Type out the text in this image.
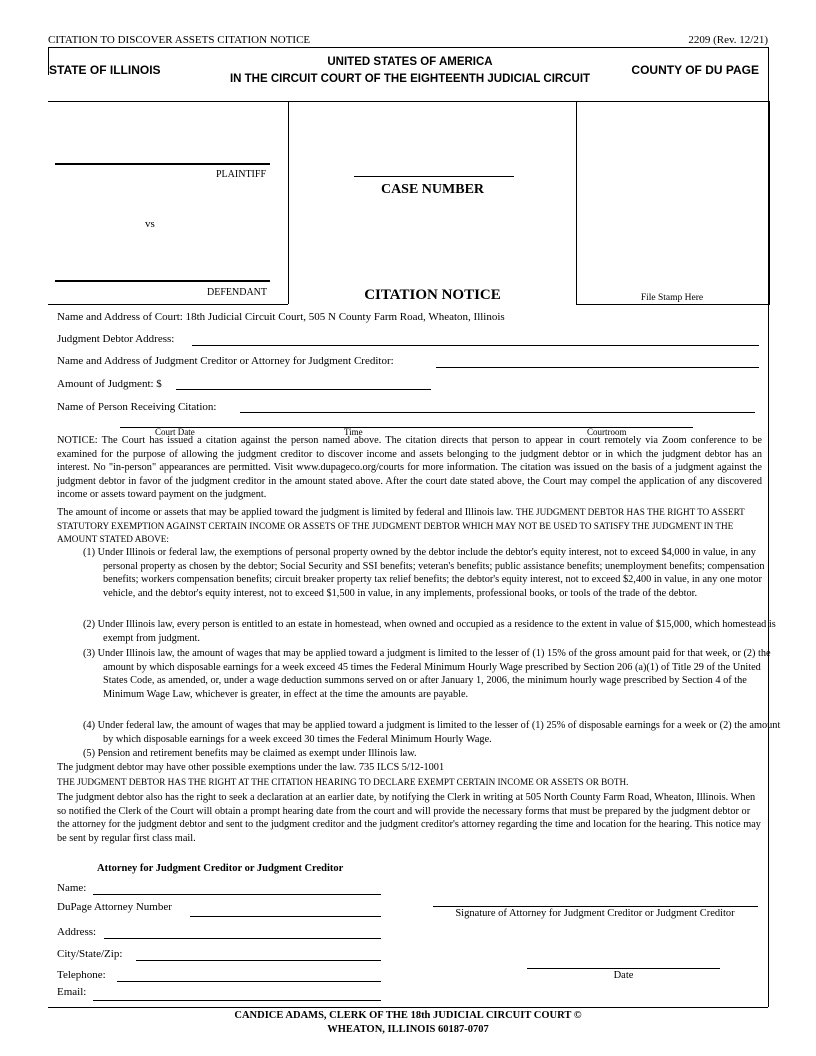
CITATION TO DISCOVER ASSETS CITATION NOTICE	2209 (Rev. 12/21)
STATE OF ILLINOIS
UNITED STATES OF AMERICA
IN THE CIRCUIT COURT OF THE EIGHTEENTH JUDICIAL CIRCUIT
COUNTY OF DU PAGE
PLAINTIFF
vs
DEFENDANT
CASE NUMBER
CITATION NOTICE	File Stamp Here
Name and Address of Court: 18th Judicial Circuit Court, 505 N County Farm Road, Wheaton, Illinois
Judgment Debtor Address:
Name and Address of Judgment Creditor or Attorney for Judgment Creditor:
Amount of Judgment: $
Name of Person Receiving Citation:
Court Date	Time	Courtroom
NOTICE: The Court has issued a citation against the person named above. The citation directs that person to appear in court remotely via Zoom conference to be examined for the purpose of allowing the judgment creditor to discover income and assets belonging to the judgment debtor or in which the judgment debtor has an interest. No "in-person" appearances are permitted. Visit www.dupageco.org/courts for more information. The citation was issued on the basis of a judgment against the judgment debtor in favor of the judgment creditor in the amount stated above. After the court date stated above, the Court may compel the application of any discovered income or assets toward payment on the judgment.
The amount of income or assets that may be applied toward the judgment is limited by federal and Illinois law. THE JUDGMENT DEBTOR HAS THE RIGHT TO ASSERT STATUTORY EXEMPTION AGAINST CERTAIN INCOME OR ASSETS OF THE JUDGMENT DEBTOR WHICH MAY NOT BE USED TO SATISFY THE JUDGMENT IN THE AMOUNT STATED ABOVE:
(1) Under Illinois or federal law, the exemptions of personal property owned by the debtor include the debtor's equity interest, not to exceed $4,000 in value, in any personal property as chosen by the debtor; Social Security and SSI benefits; veteran's benefits; public assistance benefits; unemployment benefits; compensation benefits; workers compensation benefits; circuit breaker property tax relief benefits; the debtor's equity interest, not to exceed $2,400 in value, in any one motor vehicle, and the debtor's equity interest, not to exceed $1,500 in value, in any implements, professional books, or tools of the trade of the debtor.
(2) Under Illinois law, every person is entitled to an estate in homestead, when owned and occupied as a residence to the extent in value of $15,000, which homestead is exempt from judgment.
(3) Under Illinois law, the amount of wages that may be applied toward a judgment is limited to the lesser of (1) 15% of the gross amount paid for that week, or (2) the amount by which disposable earnings for a week exceed 45 times the Federal Minimum Hourly Wage prescribed by Section 206 (a)(1) of Title 29 of the United States Code, as amended, or, under a wage deduction summons served on or after January 1, 2006, the minimum hourly wage prescribed by Section 4 of the Minimum Wage Law, whichever is greater, in effect at the time the amounts are payable.
(4) Under federal law, the amount of wages that may be applied toward a judgment is limited to the lesser of (1) 25% of disposable earnings for a week or (2) the amount by which disposable earnings for a week exceed 30 times the Federal Minimum Hourly Wage.
(5) Pension and retirement benefits may be claimed as exempt under Illinois law.
The judgment debtor may have other possible exemptions under the law. 735 ILCS 5/12-1001
THE JUDGMENT DEBTOR HAS THE RIGHT AT THE CITATION HEARING TO DECLARE EXEMPT CERTAIN INCOME OR ASSETS OR BOTH.
The judgment debtor also has the right to seek a declaration at an earlier date, by notifying the Clerk in writing at 505 North County Farm Road, Wheaton, Illinois. When so notified the Clerk of the Court will obtain a prompt hearing date from the court and will provide the necessary forms that must be prepared by the judgment debtor or the attorney for the judgment debtor and sent to the judgment creditor and the judgment creditor's attorney regarding the time and location for the hearing. This notice may be sent by regular first class mail.
Attorney for Judgment Creditor or Judgment Creditor
Name:
DuPage Attorney Number
Address:
City/State/Zip:
Telephone:
Email:
Signature of Attorney for Judgment Creditor or Judgment Creditor
Date
CANDICE ADAMS, CLERK OF THE 18th JUDICIAL CIRCUIT COURT ©
WHEATON, ILLINOIS 60187-0707
